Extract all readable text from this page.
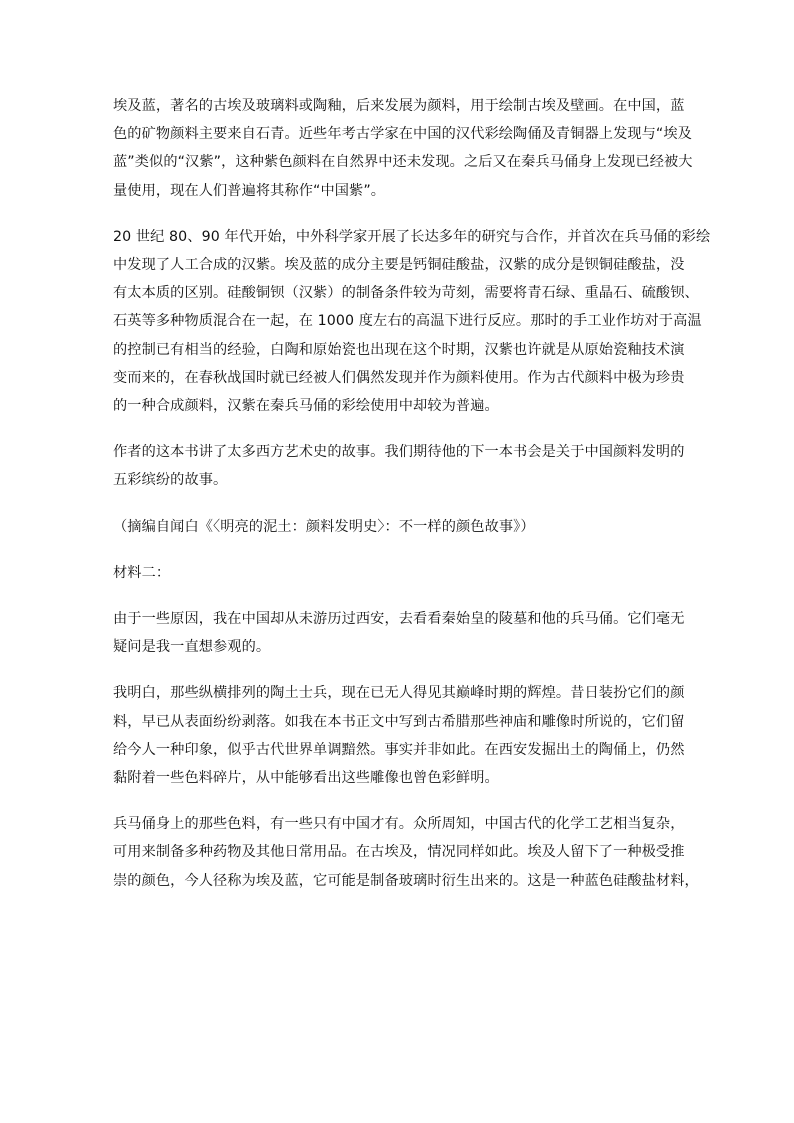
埃及蓝，著名的古埃及玻璃料或陶釉，后来发展为颜料，用于绘制古埃及壁画。在中国，蓝
色的矿物颜料主要来自石青。近些年考古学家在中国的汉代彩绘陶俑及青铜器上发现与“埃及
蓝”类似的“汉紫”，这种紫色颜料在自然界中还未发现。之后又在秦兵马俑身上发现已经被大
量使用，现在人们普遍将其称作“中国紫”。
20 世纪 80、90 年代开始，中外科学家开展了长达多年的研究与合作，并首次在兵马俑的彩绘
中发现了人工合成的汉紫。埃及蓝的成分主要是钙铜硅酸盐，汉紫的成分是钡铜硅酸盐，没
有太本质的区别。硅酸铜钡（汉紫）的制备条件较为苛刻，需要将青石绿、重晶石、硫酸钡、
石英等多种物质混合在一起，在 1000 度左右的高温下进行反应。那时的手工业作坊对于高温
的控制已有相当的经验，白陶和原始瓷也出现在这个时期，汉紫也许就是从原始瓷釉技术演
变而来的，在春秋战国时就已经被人们偶然发现并作为颜料使用。作为古代颜料中极为珍贵
的一种合成颜料，汉紫在秦兵马俑的彩绘使用中却较为普遍。
作者的这本书讲了太多西方艺术史的故事。我们期待他的下一本书会是关于中国颜料发明的
五彩缤纷的故事。
（摘编自闻白《〈明亮的泥土：颜料发明史〉：不一样的颜色故事》）
材料二：
由于一些原因，我在中国却从未游历过西安，去看看秦始皇的陵墓和他的兵马俑。它们毫无
疑问是我一直想参观的。
我明白，那些纵横排列的陶土士兵，现在已无人得见其巅峰时期的辉煌。昔日装扮它们的颜
料，早已从表面纷纷剥落。如我在本书正文中写到古希腊那些神庙和雕像时所说的，它们留
给今人一种印象，似乎古代世界单调黯然。事实并非如此。在西安发掘出土的陶俑上，仍然
黏附着一些色料碎片，从中能够看出这些雕像也曾色彩鲜明。
兵马俑身上的那些色料，有一些只有中国才有。众所周知，中国古代的化学工艺相当复杂，
可用来制备多种药物及其他日常用品。在古埃及，情况同样如此。埃及人留下了一种极受推
崇的颜色，今人径称为埃及蓝，它可能是制备玻璃时衍生出来的。这是一种蓝色硅酸盐材料，
